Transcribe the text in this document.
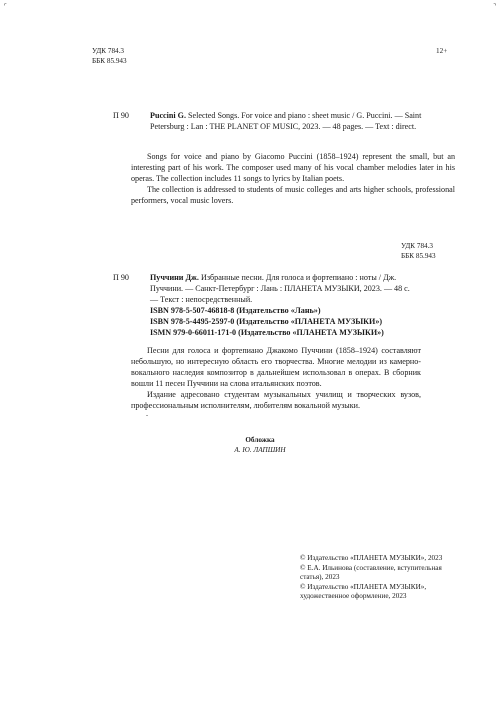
⌜	⌝
УДК 784.3
ББК 85.943
12+
П 90	Puccini G. Selected Songs. For voice and piano : sheet music / G. Puccini. — Saint Petersburg : Lan : THE PLANET OF MUSIC, 2023. — 48 pages. — Text : direct.

Songs for voice and piano by Giacomo Puccini (1858–1924) represent the small, but an interesting part of his work. The composer used many of his vocal chamber melodies later in his operas. The collection includes 11 songs to lyrics by Italian poets.

The collection is addressed to students of music colleges and arts higher schools, professional performers, vocal music lovers.

УДК 784.3
ББК 85.943
П 90	Пуччини Дж. Избранные песни. Для голоса и фортепиано : ноты / Дж. Пуччини. — Санкт-Петербург : Лань : ПЛАНЕТА МУЗЫКИ, 2023. — 48 с. — Текст : непосредственный.
ISBN 978-5-507-46818-8 (Издательство «Лань»)
ISBN 978-5-4495-2597-0 (Издательство «ПЛАНЕТА МУЗЫКИ»)
ISMN 979-0-66011-171-0 (Издательство «ПЛАНЕТА МУЗЫКИ»)

Песни для голоса и фортепиано Джакомо Пуччини (1858–1924) составляют небольшую, но интересную область его творчества. Многие мелодии из камерно-вокального наследия композитор в дальнейшем использовал в операх. В сборник вошли 11 песен Пуччини на слова итальянских поэтов.

Издание адресовано студентам музыкальных училищ и творческих вузов, профессиональным исполнителям, любителям вокальной музыки.

.
Обложка
А. Ю. ЛАПШИН
© Издательство «ПЛАНЕТА МУЗЫКИ», 2023
© Е.А. Ильинова (составление, вступительная статья), 2023
© Издательство «ПЛАНЕТА МУЗЫКИ», художественное оформление, 2023
